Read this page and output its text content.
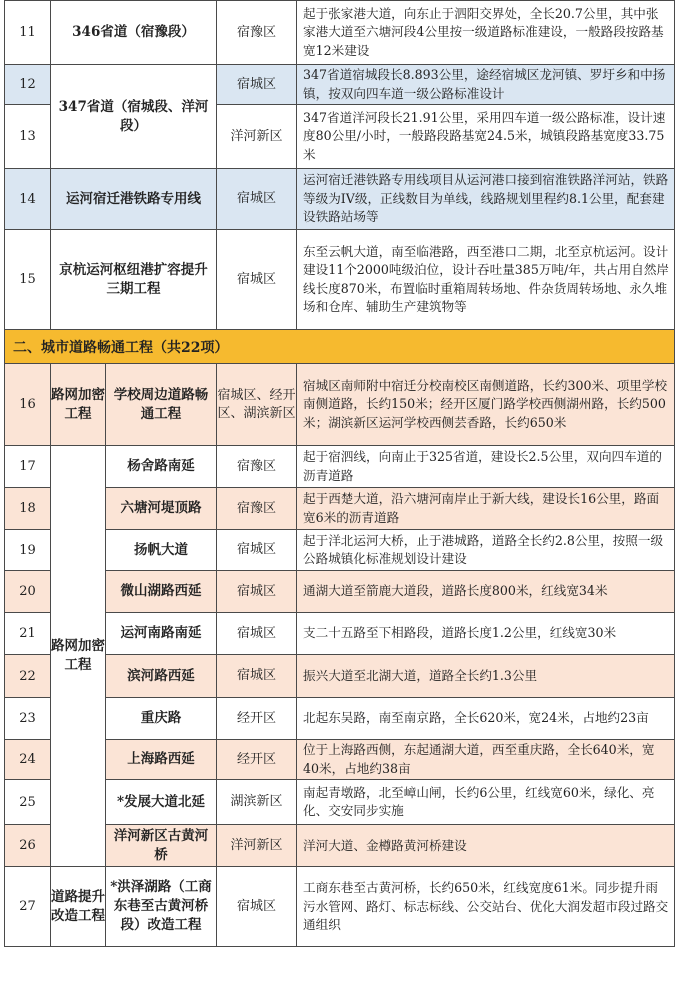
11	346省道（宿豫段）		宿豫区	起于张家港大道，向东止于泗阳交界处，全长20.7公里，其中张家港大道至六塘河段4公里按一级道路标准建设，一般路段按路基宽12米建设
12	347省道（宿城段、洋河段）		宿城区	347省道宿城段长8.893公里，途经宿城区龙河镇、罗圩乡和中扬镇，按双向四车道一级公路标准设计
13			洋河新区	347省道洋河段长21.91公里，采用四车道一级公路标准，设计速度80公里/小时，一般路段路基宽24.5米，城镇段路基宽度33.75米
14	运河宿迁港铁路专用线		宿城区	运河宿迁港铁路专用线项目从运河港口接到宿淮铁路洋河站，铁路等级为IV级，正线数目为单线，线路规划里程约8.1公里，配套建设铁路站场等
15	京杭运河枢纽港扩容提升三期工程		宿城区	东至云帆大道，南至临港路，西至港口二期，北至京杭运河。设计建设11个2000吨级泊位，设计吞吐量385万吨/年，共占用自然岸线长度870米，布置临时重箱周转场地、件杂货周转场地、永久堆场和仓库、辅助生产建筑物等
二、城市道路畅通工程（共22项）				
16	路网加密工程	学校周边道路畅通工程	宿城区、经开区、湖滨新区	宿城区南师附中宿迁分校南校区南侧道路，长约300米、项里学校南侧道路，长约150米；经开区厦门路学校西侧湖州路，长约500米；湖滨新区运河学校西侧芸香路，长约650米
17	路网加密工程	杨舍路南延	宿豫区	起于宿泗线，向南止于325省道，建设长2.5公里，双向四车道的沥青道路
18		六塘河堤顶路	宿豫区	起于西楚大道，沿六塘河南岸止于新大线，建设长16公里，路面宽6米的沥青道路
19		扬帆大道	宿城区	起于洋北运河大桥，止于港城路，道路全长约2.8公里，按照一级公路城镇化标准规划设计建设
20		微山湖路西延	宿城区	通湖大道至箭鹿大道段，道路长度800米，红线宽34米
21		运河南路南延	宿城区	支二十五路至下相路段，道路长度1.2公里，红线宽30米
22		滨河路西延	宿城区	振兴大道至北湖大道，道路全长约1.3公里
23		重庆路	经开区	北起东吴路，南至南京路，全长620米，宽24米，占地约23亩
24		上海路西延	经开区	位于上海路西侧，东起通湖大道，西至重庆路，全长640米，宽40米，占地约38亩
25		*发展大道北延	湖滨新区	南起青墩路，北至嶂山闸，长约6公里，红线宽60米，绿化、亮化、交安同步实施
26		洋河新区古黄河桥	洋河新区	洋河大道、金樽路黄河桥建设
27	道路提升改造工程	*洪泽湖路（工商东巷至古黄河桥段）改造工程	宿城区	工商东巷至古黄河桥，长约650米，红线宽度61米。同步提升雨污水管网、路灯、标志标线、公交站台、优化大润发超市段过路交通组织
